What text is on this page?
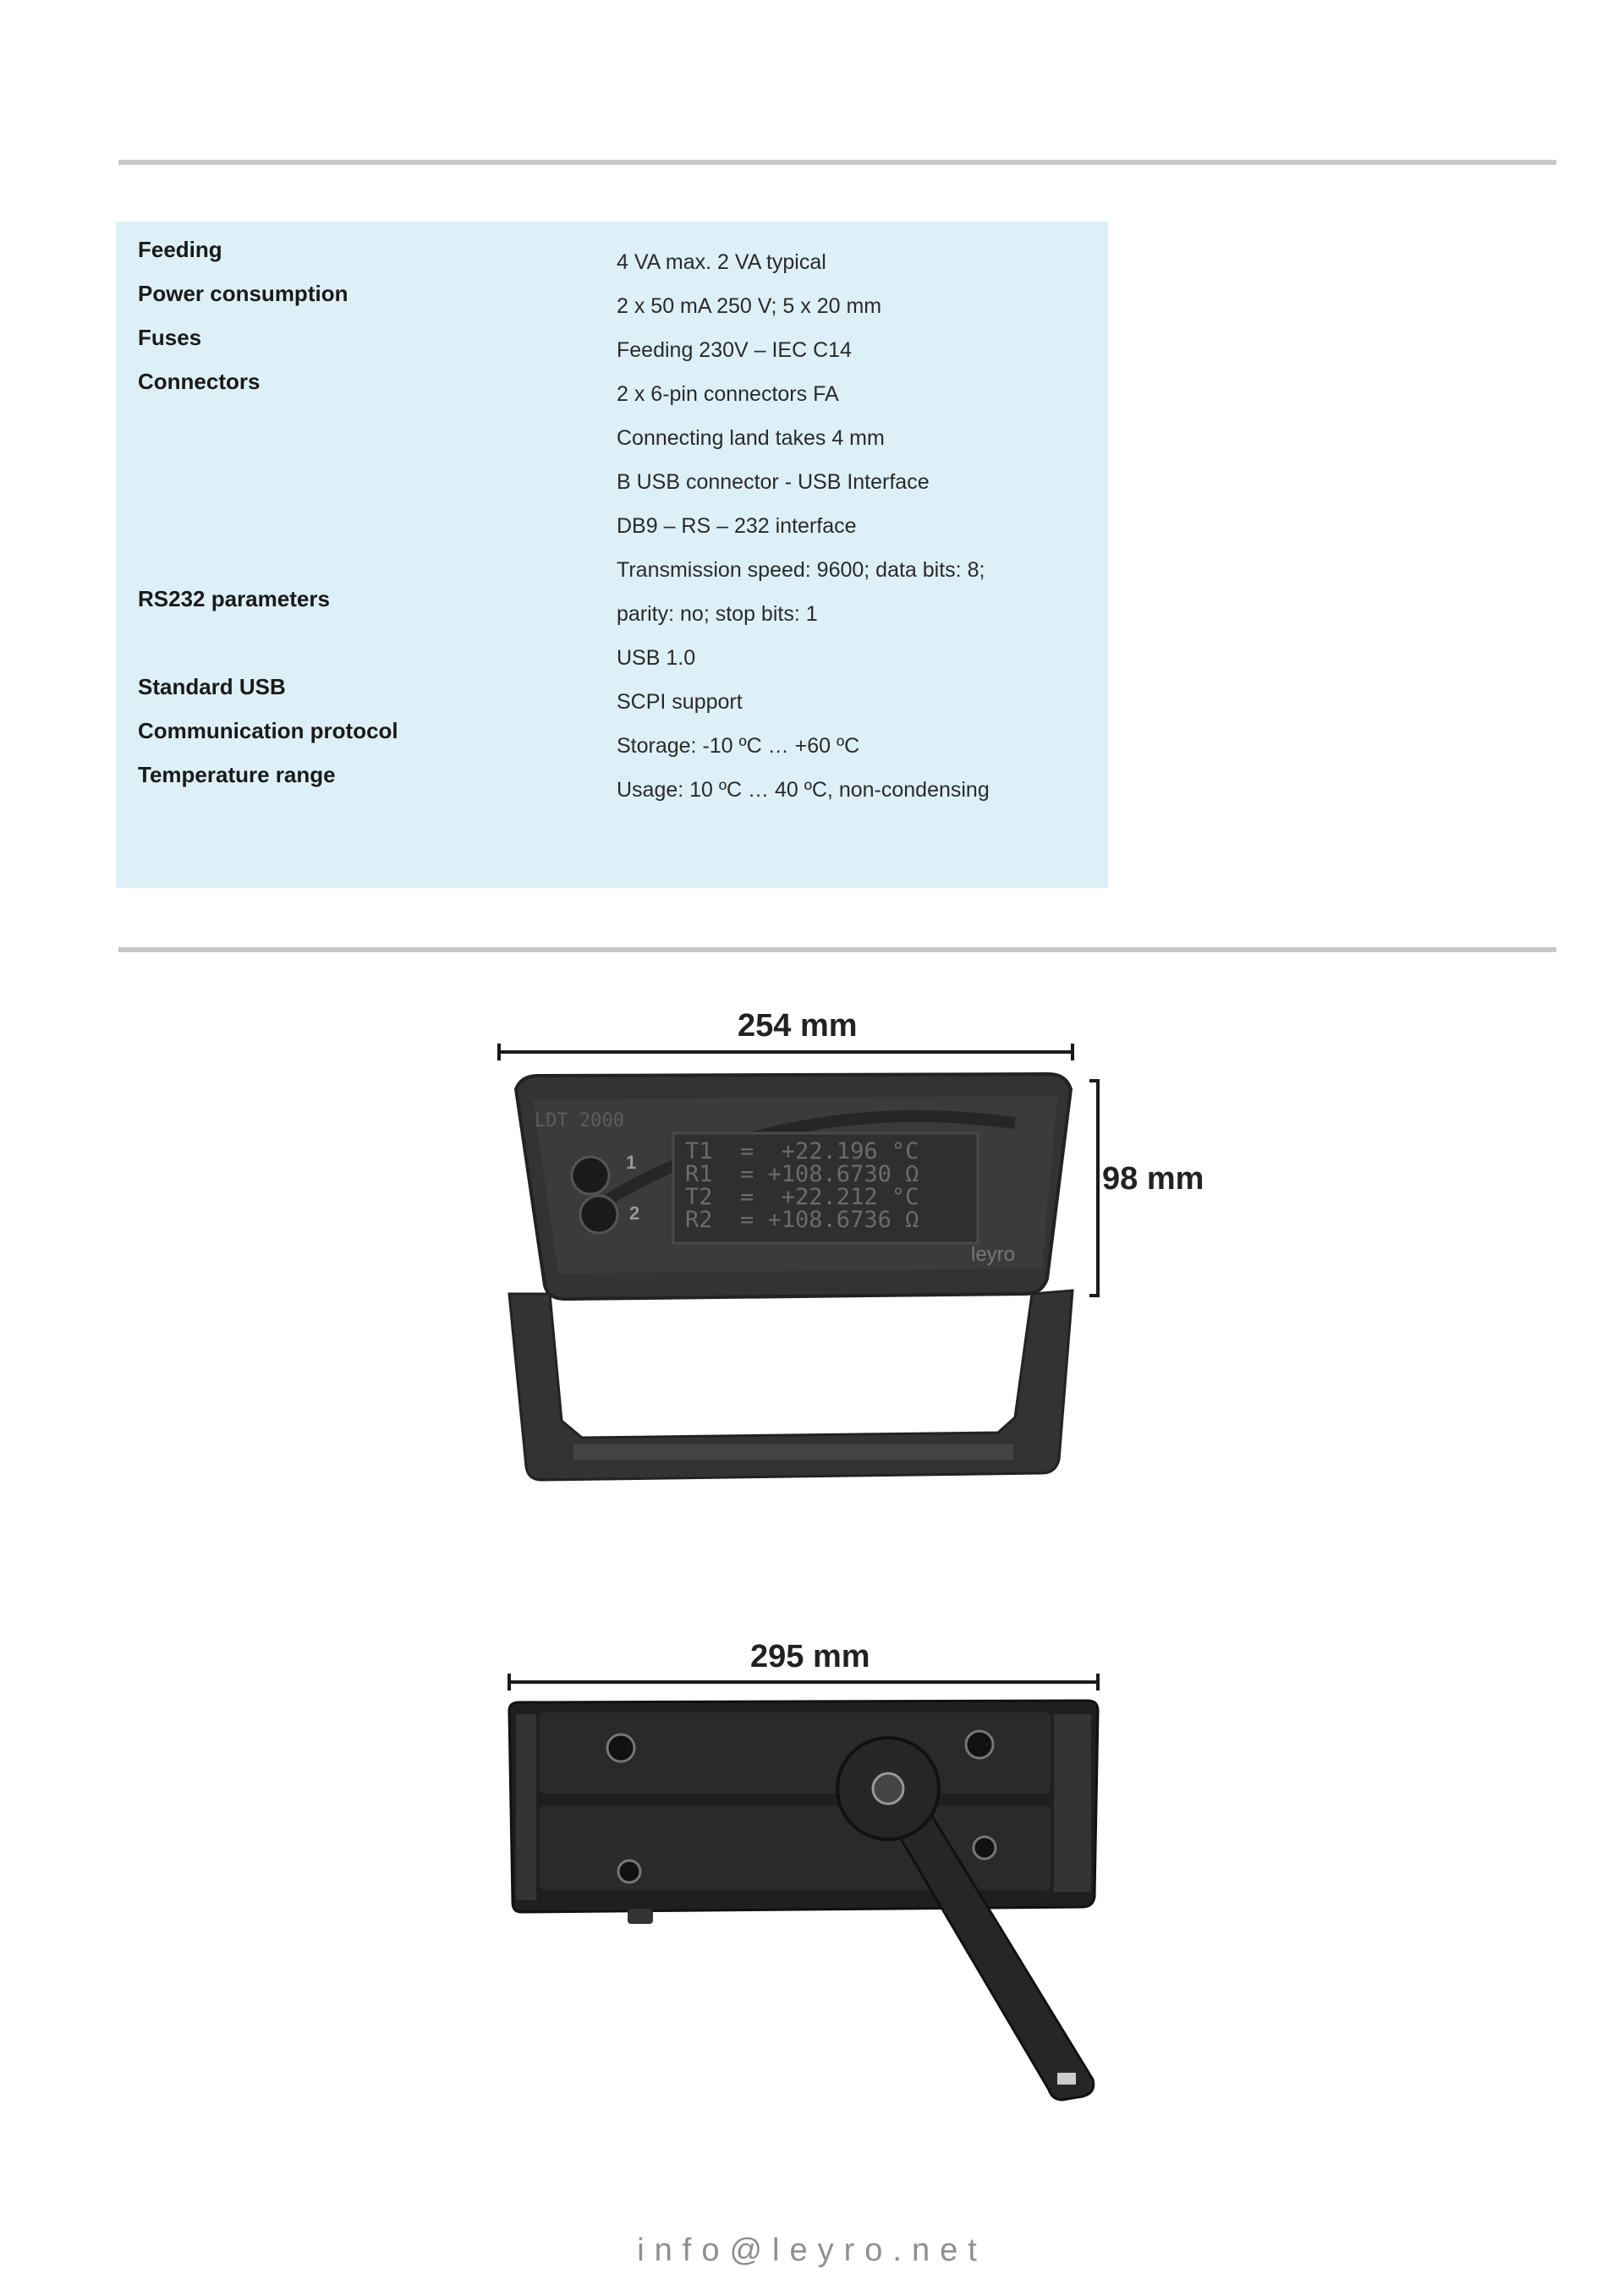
Feeding
Power consumption
Fuses
Connectors
RS232 parameters
Standard USB
Communication protocol
Temperature range
4 VA max. 2 VA typical
2 x 50 mA 250 V; 5 x 20 mm
Feeding 230V – IEC C14
2 x 6-pin connectors FA
Connecting land takes 4 mm
B USB connector - USB Interface
DB9 – RS – 232 interface
Transmission speed: 9600; data bits: 8;
parity: no; stop bits: 1
USB 1.0
SCPI support
Storage: -10 ºC … +60 ºC
Usage: 10 ºC … 40 ºC, non-condensing
254 mm
98 mm
LDT 2000
leyro
1
2
T1  =  +22.196 °C
R1  = +108.6730 Ω
T2  =  +22.212 °C
R2  = +108.6736 Ω
295 mm
info@leyro.net
